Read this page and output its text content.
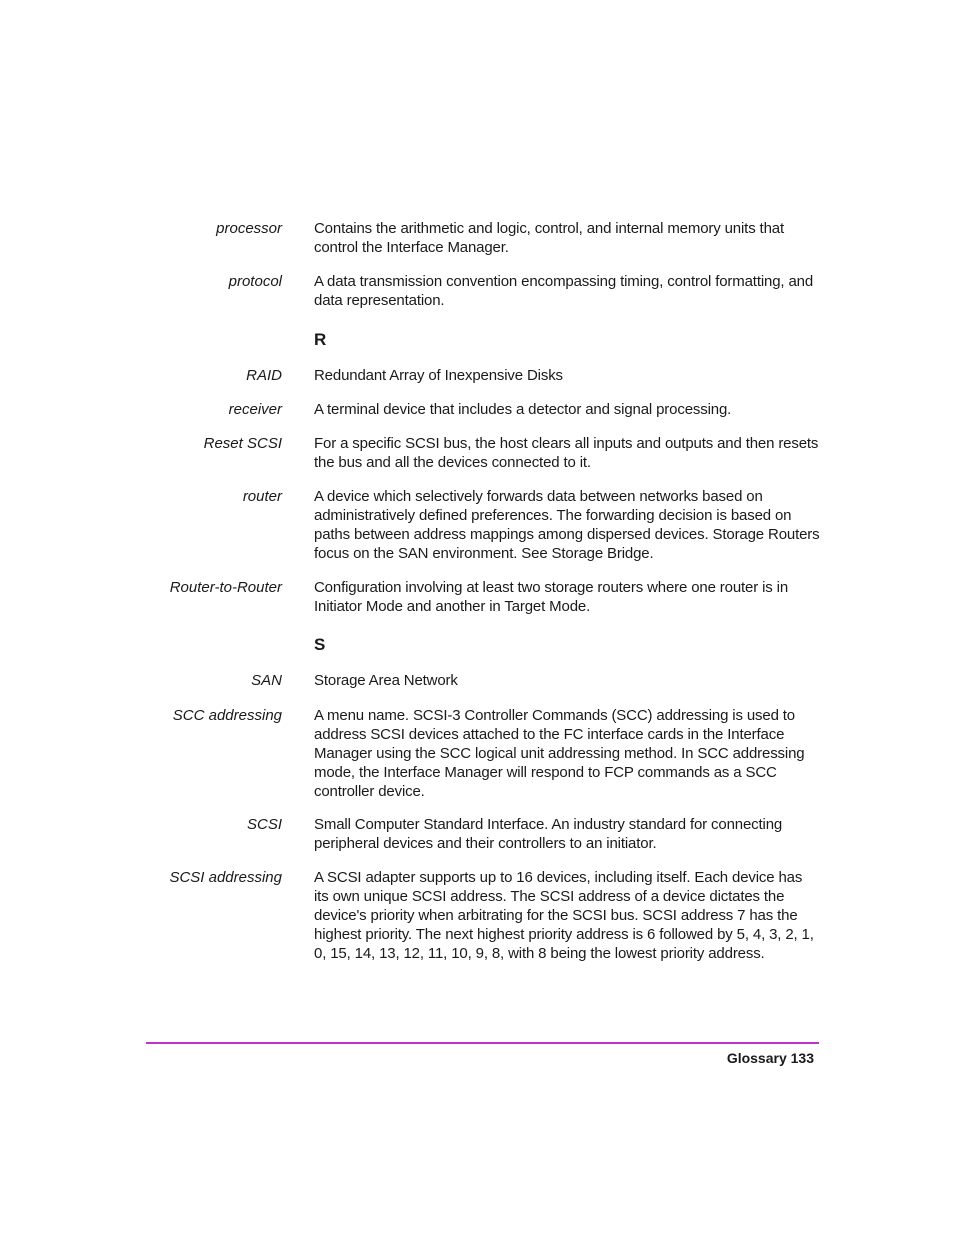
processor Contains the arithmetic and logic, control, and internal memory units that control the Interface Manager.
protocol A data transmission convention encompassing timing, control formatting, and data representation.
R
RAID Redundant Array of Inexpensive Disks
receiver A terminal device that includes a detector and signal processing.
Reset SCSI For a specific SCSI bus, the host clears all inputs and outputs and then resets the bus and all the devices connected to it.
router A device which selectively forwards data between networks based on administratively defined preferences. The forwarding decision is based on paths between address mappings among dispersed devices. Storage Routers focus on the SAN environment. See Storage Bridge.
Router-to-Router Configuration involving at least two storage routers where one router is in Initiator Mode and another in Target Mode.
S
SAN Storage Area Network
SCC addressing A menu name. SCSI-3 Controller Commands (SCC) addressing is used to address SCSI devices attached to the FC interface cards in the Interface Manager using the SCC logical unit addressing method. In SCC addressing mode, the Interface Manager will respond to FCP commands as a SCC controller device.
SCSI Small Computer Standard Interface. An industry standard for connecting peripheral devices and their controllers to an initiator.
SCSI addressing A SCSI adapter supports up to 16 devices, including itself. Each device has its own unique SCSI address. The SCSI address of a device dictates the device's priority when arbitrating for the SCSI bus. SCSI address 7 has the highest priority. The next highest priority address is 6 followed by 5, 4, 3, 2, 1, 0, 15, 14, 13, 12, 11, 10, 9, 8, with 8 being the lowest priority address.
Glossary 133
